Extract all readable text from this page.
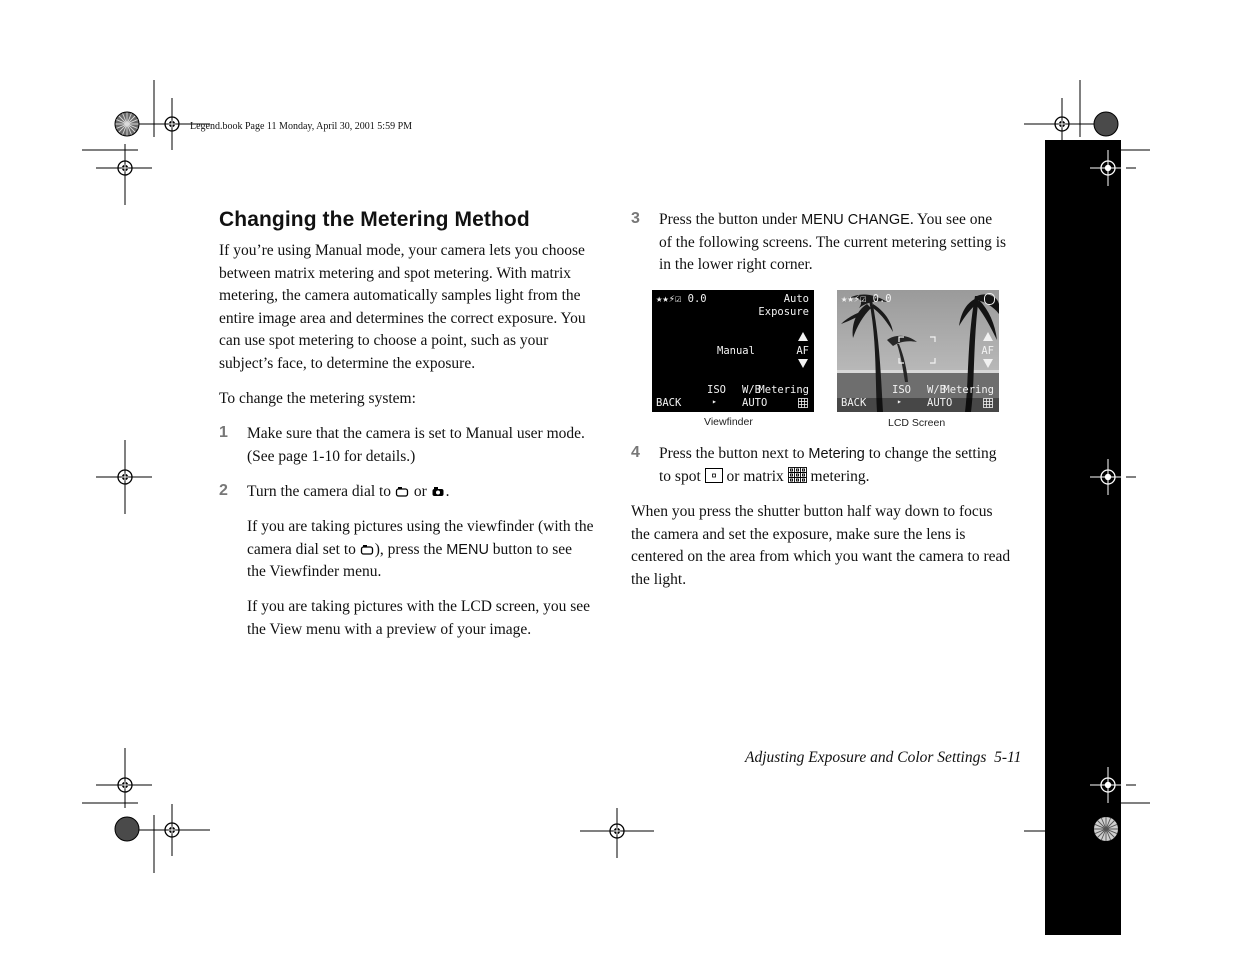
Legend.book Page 11 Monday, April 30, 2001 5:59 PM
Changing the Metering Method
If you’re using Manual mode, your camera lets you choose
between matrix metering and spot metering. With matrix
metering, the camera automatically samples light from the
entire image area and determines the correct exposure. You
can use spot metering to choose a point, such as your
subject’s face, to determine the exposure.
To change the metering system:
1 Make sure that the camera is set to Manual user mode.
(See page 1-10 for details.)
2 Turn the camera dial to or .
If you are taking pictures using the viewfinder (with the
camera dial set to ), press the MENU button to see
the Viewfinder menu.
If you are taking pictures with the LCD screen, you see
the View menu with a preview of your image.
3 Press the button under MENU CHANGE. You see one
of the following screens. The current metering setting is
in the lower right corner.
★★⚡☑ 0.0	Auto
Exposure
Manual	AF
BACK
ISO
▸
W/B
AUTO
Metering
Viewfinder
★★⚡☑ 0.0
AF
BACK
ISO
▸
W/B
AUTO
Metering
LCD Screen
4 Press the button next to Metering to change the setting
to spot or matrix metering.
When you press the shutter button half way down to focus
the camera and set the exposure, make sure the lens is
centered on the area from which you want the camera to read
the light.
Adjusting Exposure and Color Settings  5-11
